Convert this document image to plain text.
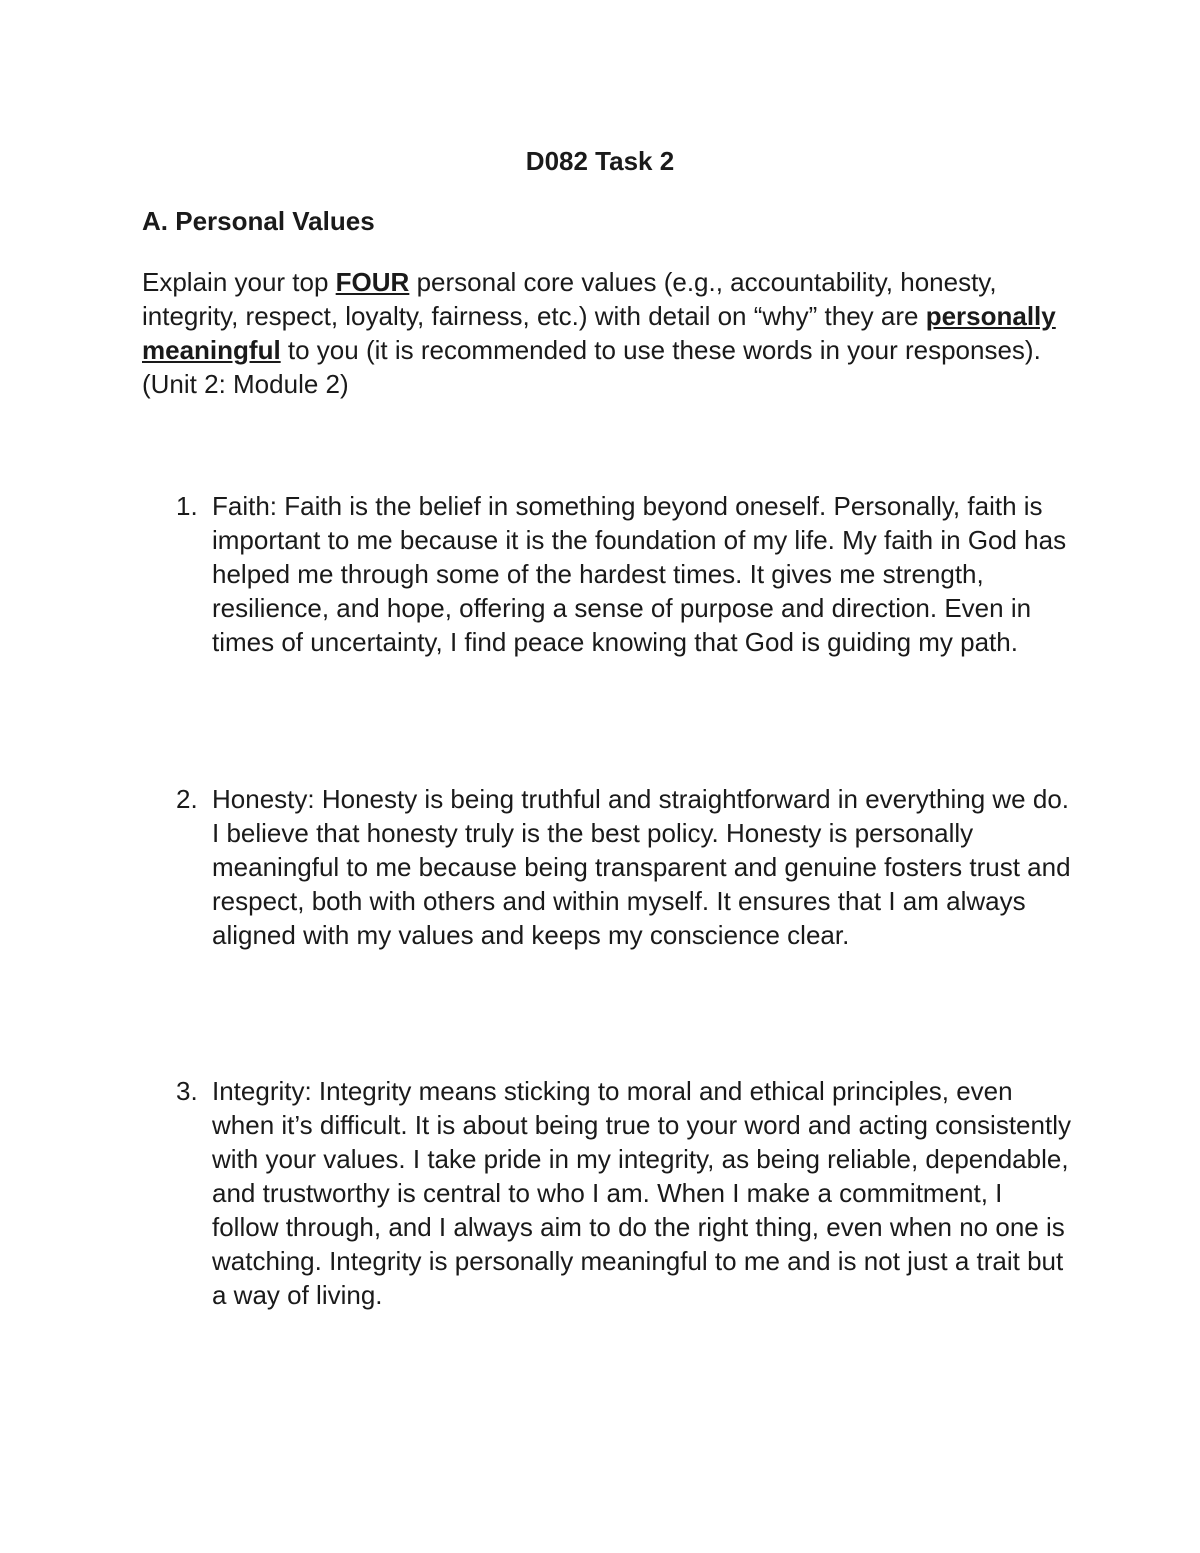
D082 Task 2
A. Personal Values
Explain your top FOUR personal core values (e.g., accountability, honesty, integrity, respect, loyalty, fairness, etc.) with detail on “why” they are personally meaningful to you (it is recommended to use these words in your responses). (Unit 2: Module 2)
1. Faith: Faith is the belief in something beyond oneself. Personally, faith is important to me because it is the foundation of my life. My faith in God has helped me through some of the hardest times. It gives me strength, resilience, and hope, offering a sense of purpose and direction. Even in times of uncertainty, I find peace knowing that God is guiding my path.
2. Honesty: Honesty is being truthful and straightforward in everything we do. I believe that honesty truly is the best policy. Honesty is personally meaningful to me because being transparent and genuine fosters trust and respect, both with others and within myself. It ensures that I am always aligned with my values and keeps my conscience clear.
3. Integrity: Integrity means sticking to moral and ethical principles, even when it’s difficult. It is about being true to your word and acting consistently with your values. I take pride in my integrity, as being reliable, dependable, and trustworthy is central to who I am. When I make a commitment, I follow through, and I always aim to do the right thing, even when no one is watching. Integrity is personally meaningful to me and is not just a trait but a way of living.
